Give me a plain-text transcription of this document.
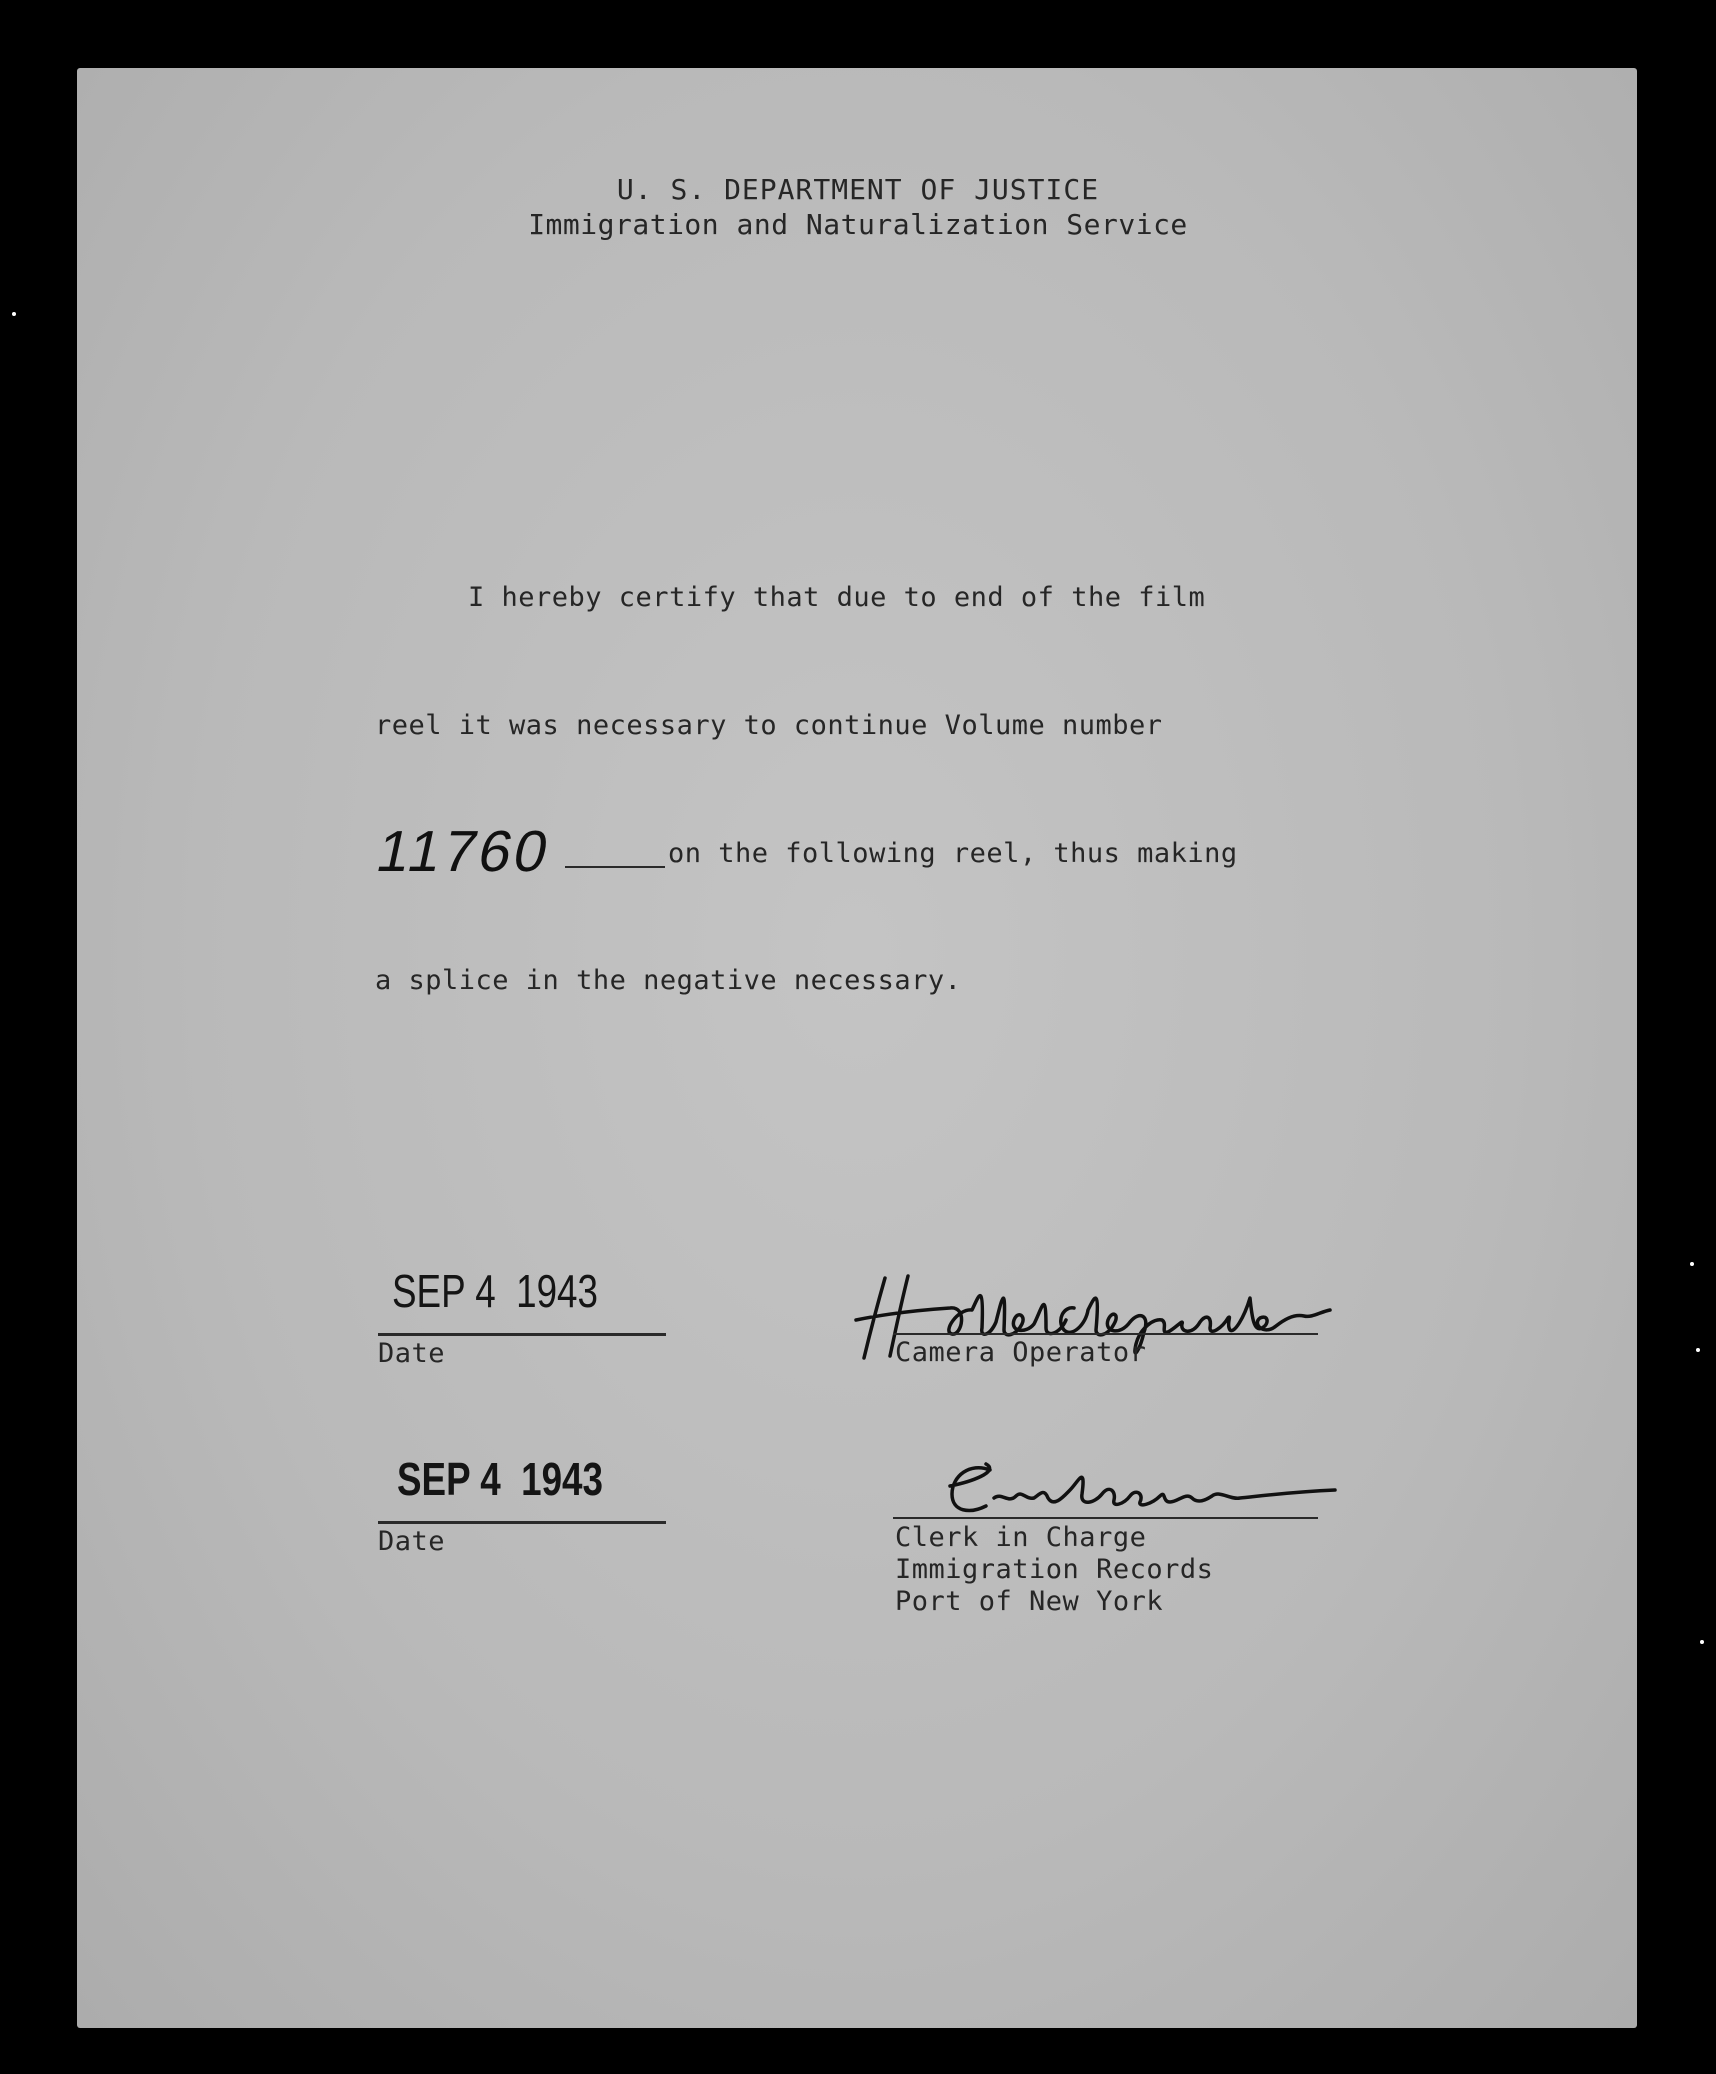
U. S. DEPARTMENT OF JUSTICE
Immigration and Naturalization Service
I hereby certify that due to end of the film
reel it was necessary to continue Volume number
11760	on the following reel, thus making
a splice in the negative necessary.
SEP 4  1943
Date	Camera Operator
SEP 4  1943
Date	Clerk in Charge
Immigration Records
Port of New York
